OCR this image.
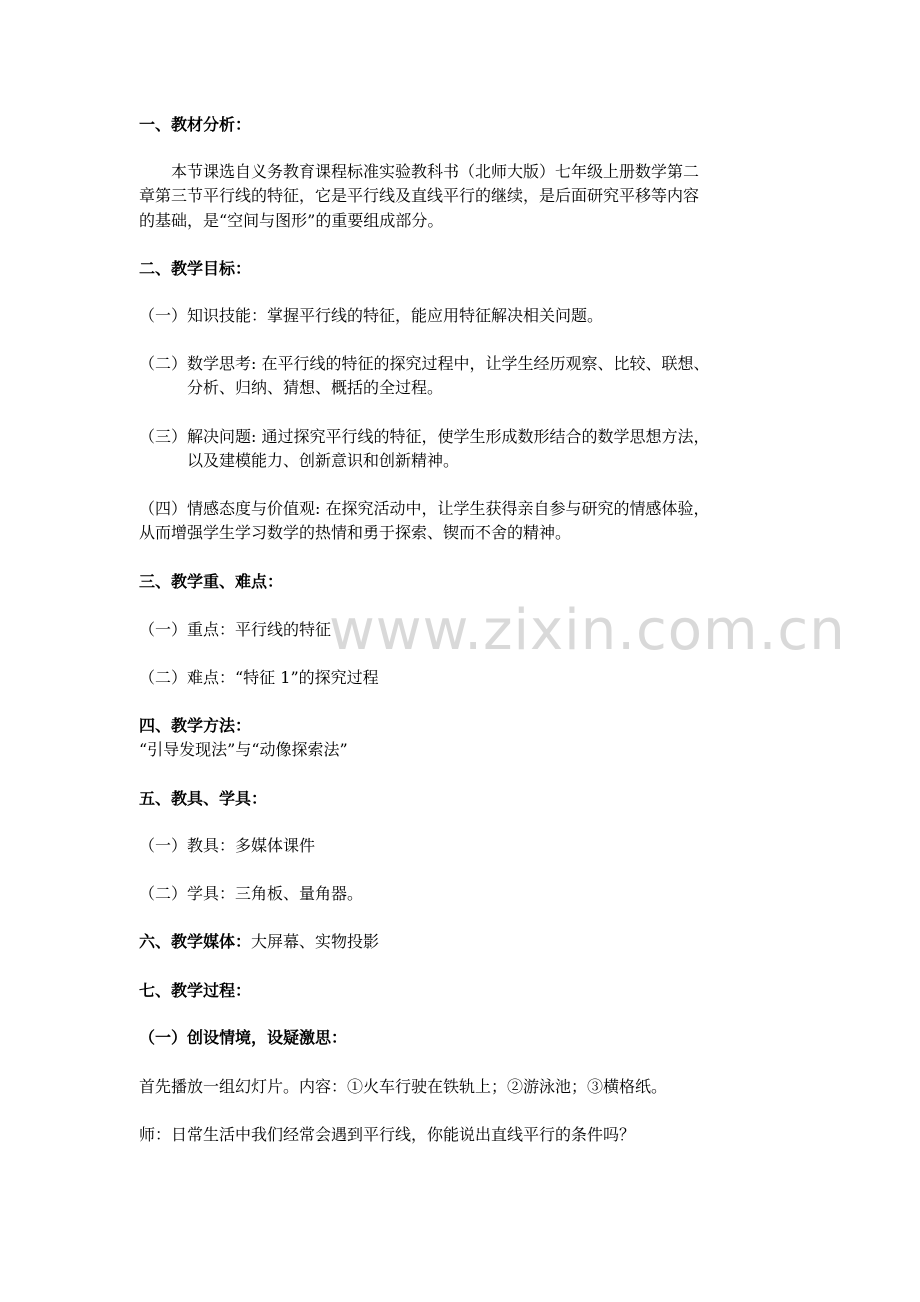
一、教材分析：
本节课选自义务教育课程标准实验教科书（北师大版）七年级上册数学第二
章第三节平行线的特征，它是平行线及直线平行的继续，是后面研究平移等内容
的基础，是“空间与图形”的重要组成部分。
二、教学目标：
（一）知识技能：掌握平行线的特征，能应用特征解决相关问题。
（二）数学思考: 在平行线的特征的探究过程中，让学生经历观察、比较、联想、
分析、归纳、猜想、概括的全过程。
（三）解决问题: 通过探究平行线的特征，使学生形成数形结合的数学思想方法，
以及建模能力、创新意识和创新精神。
（四）情感态度与价值观: 在探究活动中，让学生获得亲自参与研究的情感体验，
从而增强学生学习数学的热情和勇于探索、锲而不舍的精神。
三、教学重、难点：
（一）重点：平行线的特征
（二）难点：“特征 1”的探究过程
四、教学方法：
“引导发现法”与“动像探索法”
五、教具、学具：
（一）教具：多媒体课件
（二）学具：三角板、量角器。
六、教学媒体：大屏幕、实物投影
七、教学过程：
（一）创设情境，设疑激思：
首先播放一组幻灯片。内容：①火车行驶在铁轨上；②游泳池；③横格纸。
师：日常生活中我们经常会遇到平行线，你能说出直线平行的条件吗？
www.zixin.com.cn
